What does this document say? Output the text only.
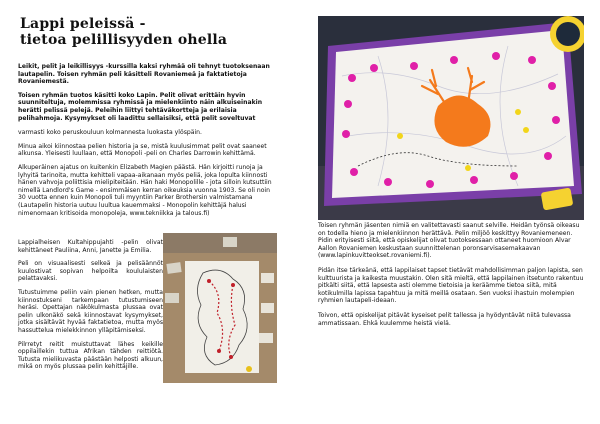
Lappi peleissä -
tietoa pelillisyyden ohella

Leikit, pelit ja leikillisyys -kurssilla kaksi ryhmää oli tehnyt tuotoksenaan lautapelin. Toisen ryhmän peli käsitteli Rovaniemeä ja faktatietoja Rovaniemestä.

Toisen ryhmän tuotos käsitti koko Lapin. Pelit olivat erittäin hyvin suunniteltuja, molemmissa ryhmissä ja mielenkiinto näin alkuiseinakin herätti pelissä pelejä. Peleihin liittyi tehtäväkortteja ja erilaisia pelihahmoja. Kysymykset oli laadittu sellaisiksi, että pelit soveltuvat

varmasti koko peruskouluun kolmannesta luokasta ylöspäin.

Minua aikoi kiinnostaa pelien historia ja se, mistä kuulusimmat pelit ovat saaneet alkunsa. Yleisesti luullaan, että Monopoli -peli on Charles Darrowin kehittämä.

Alkuperäinen ajatus on kuitenkin Elizabeth Magien päästä. Hän kirjoitti runoja ja lyhyitä tarinoita, mutta kehitteli vapaa-aikanaan myös peliä, joka lopulta kiinnosti hänen vahvoja poliittisia mielipiteitään. Hän haki Monopolille - jota silloin kutsuttiin nimellä Landlord's Game - ensimmäisen kerran oikeuksia vuonna 1903. Se oli noin 30 vuotta ennen kuin Monopoli tuli myyntiin Parker Brothersin valmistamana (Lautapelin historia uutuu luultua kauemmaksi - Monopolin kehittäjä halusi nimenomaan kritisoida monopoleja, www.tekniikka ja talous.fi)

Lappialheisen Kultahippujahti -pelin olivat kehittäneet Pauliina, Anni, Janette ja Emilia.

Peli on visuaalisesti selkeä ja pelisäännöt kuulostivat sopivan helpoilta koululaisten pelattavaksi.

Tutustuimme peliin vain pienen hetken, mutta kiinnostukseni tarkempaan tutustumiseen heräsi. Opettajan näkökulmasta plussaa ovat pelin ulkonäkö sekä kiinnostavat kysymykset, jotka sisältävät hyvää faktatietoa, mutta myös hassuttelua mielekkinnon ylläpitämiseksi.

Pilrretyt reitit muistuttavat lähes keikille oppilaillekin tuttua Afrikan tähden reittiötä. Tutusta mielikuvasta päästään helposti alkuun, mikä on myös plussaa pelin kehittäjille.

Toisen ryhmän jäsenten nimiä en valitettavasti saanut selville. Heidän työnsä oikeasu on todella hieno ja mielenkiinnon herättävä. Pelin miljöö keskittyy Rovaniemeneen. Pidin erityisesti siitä, että opiskelijat olivat tuotoksessaan ottaneet huomioon Alvar Aallon Rovaniemen keskustaan suunnittelenan poronsarvisasemakaavan (www.lapinkuvitteokset.rovaniemi.fi).

Pidän itse tärkeänä, että lappilaiset tapset tietävät mahdollisimman paljon lapista, sen kulttuurista ja kaikesta muustakin. Olen sitä mieltä, että lappilainen itsetunto rakentuu pitkälti siitä, että lapsesta asti olemme tietoisia ja keräämme tietoa siitä, mitä kotikulmilla lapissa tapahtuu ja mitä meillä osataan. Sen vuoksi ihastuin molempien ryhmien lautapeli-ideaan.

Toivon, että opiskelijat pitävät kyseiset pelit tallessa ja hyödyntävät niitä tulevassa ammatissaan. Ehkä kuulemme heistä vielä.
